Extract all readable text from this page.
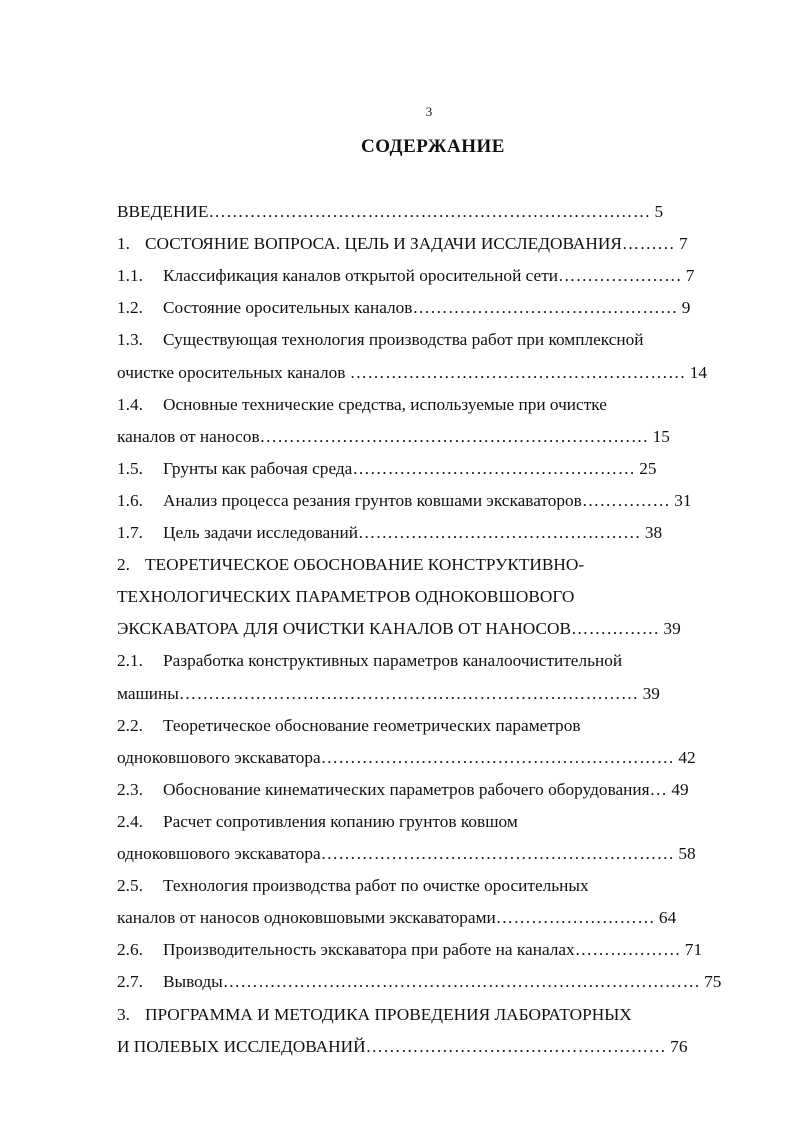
3
СОДЕРЖАНИЕ
ВВЕДЕНИЕ………………………………………………………………… 5
1. СОСТОЯНИЕ ВОПРОСА. ЦЕЛЬ И ЗАДАЧИ ИССЛЕДОВАНИЯ……… 7
1.1. Классификация каналов открытой оросительной сети………………… 7
1.2. Состояние оросительных каналов……………………………………… 9
1.3. Существующая технология производства работ при комплексной
очистке оросительных каналов ………………………………………………… 14
1.4. Основные технические средства, используемые при очистке
каналов от наносов………………………………………………………… 15
1.5. Грунты как рабочая среда………………………………………… 25
1.6. Анализ процесса резания грунтов ковшами экскаваторов…………… 31
1.7. Цель задачи исследований………………………………………… 38
2. ТЕОРЕТИЧЕСКОЕ ОБОСНОВАНИЕ КОНСТРУКТИВНО-
ТЕХНОЛОГИЧЕСКИХ ПАРАМЕТРОВ ОДНОКОВШОВОГО
ЭКСКАВАТОРА ДЛЯ ОЧИСТКИ КАНАЛОВ ОТ НАНОСОВ…………… 39
2.1. Разработка конструктивных параметров каналоочистительной
машины…………………………………………………………………… 39
2.2. Теоретическое обоснование геометрических параметров
одноковшового экскаватора…………………………………………………… 42
2.3. Обоснование кинематических параметров рабочего оборудования… 49
2.4. Расчет сопротивления копанию грунтов ковшом
одноковшового экскаватора…………………………………………………… 58
2.5. Технология производства работ по очистке оросительных
каналов от наносов одноковшовыми экскаваторами……………………… 64
2.6. Производительность экскаватора при работе на каналах……………… 71
2.7. Выводы……………………………………………………………………… 75
3. ПРОГРАММА И МЕТОДИКА ПРОВЕДЕНИЯ ЛАБОРАТОРНЫХ
И ПОЛЕВЫХ ИССЛЕДОВАНИЙ…………………………………………… 76
